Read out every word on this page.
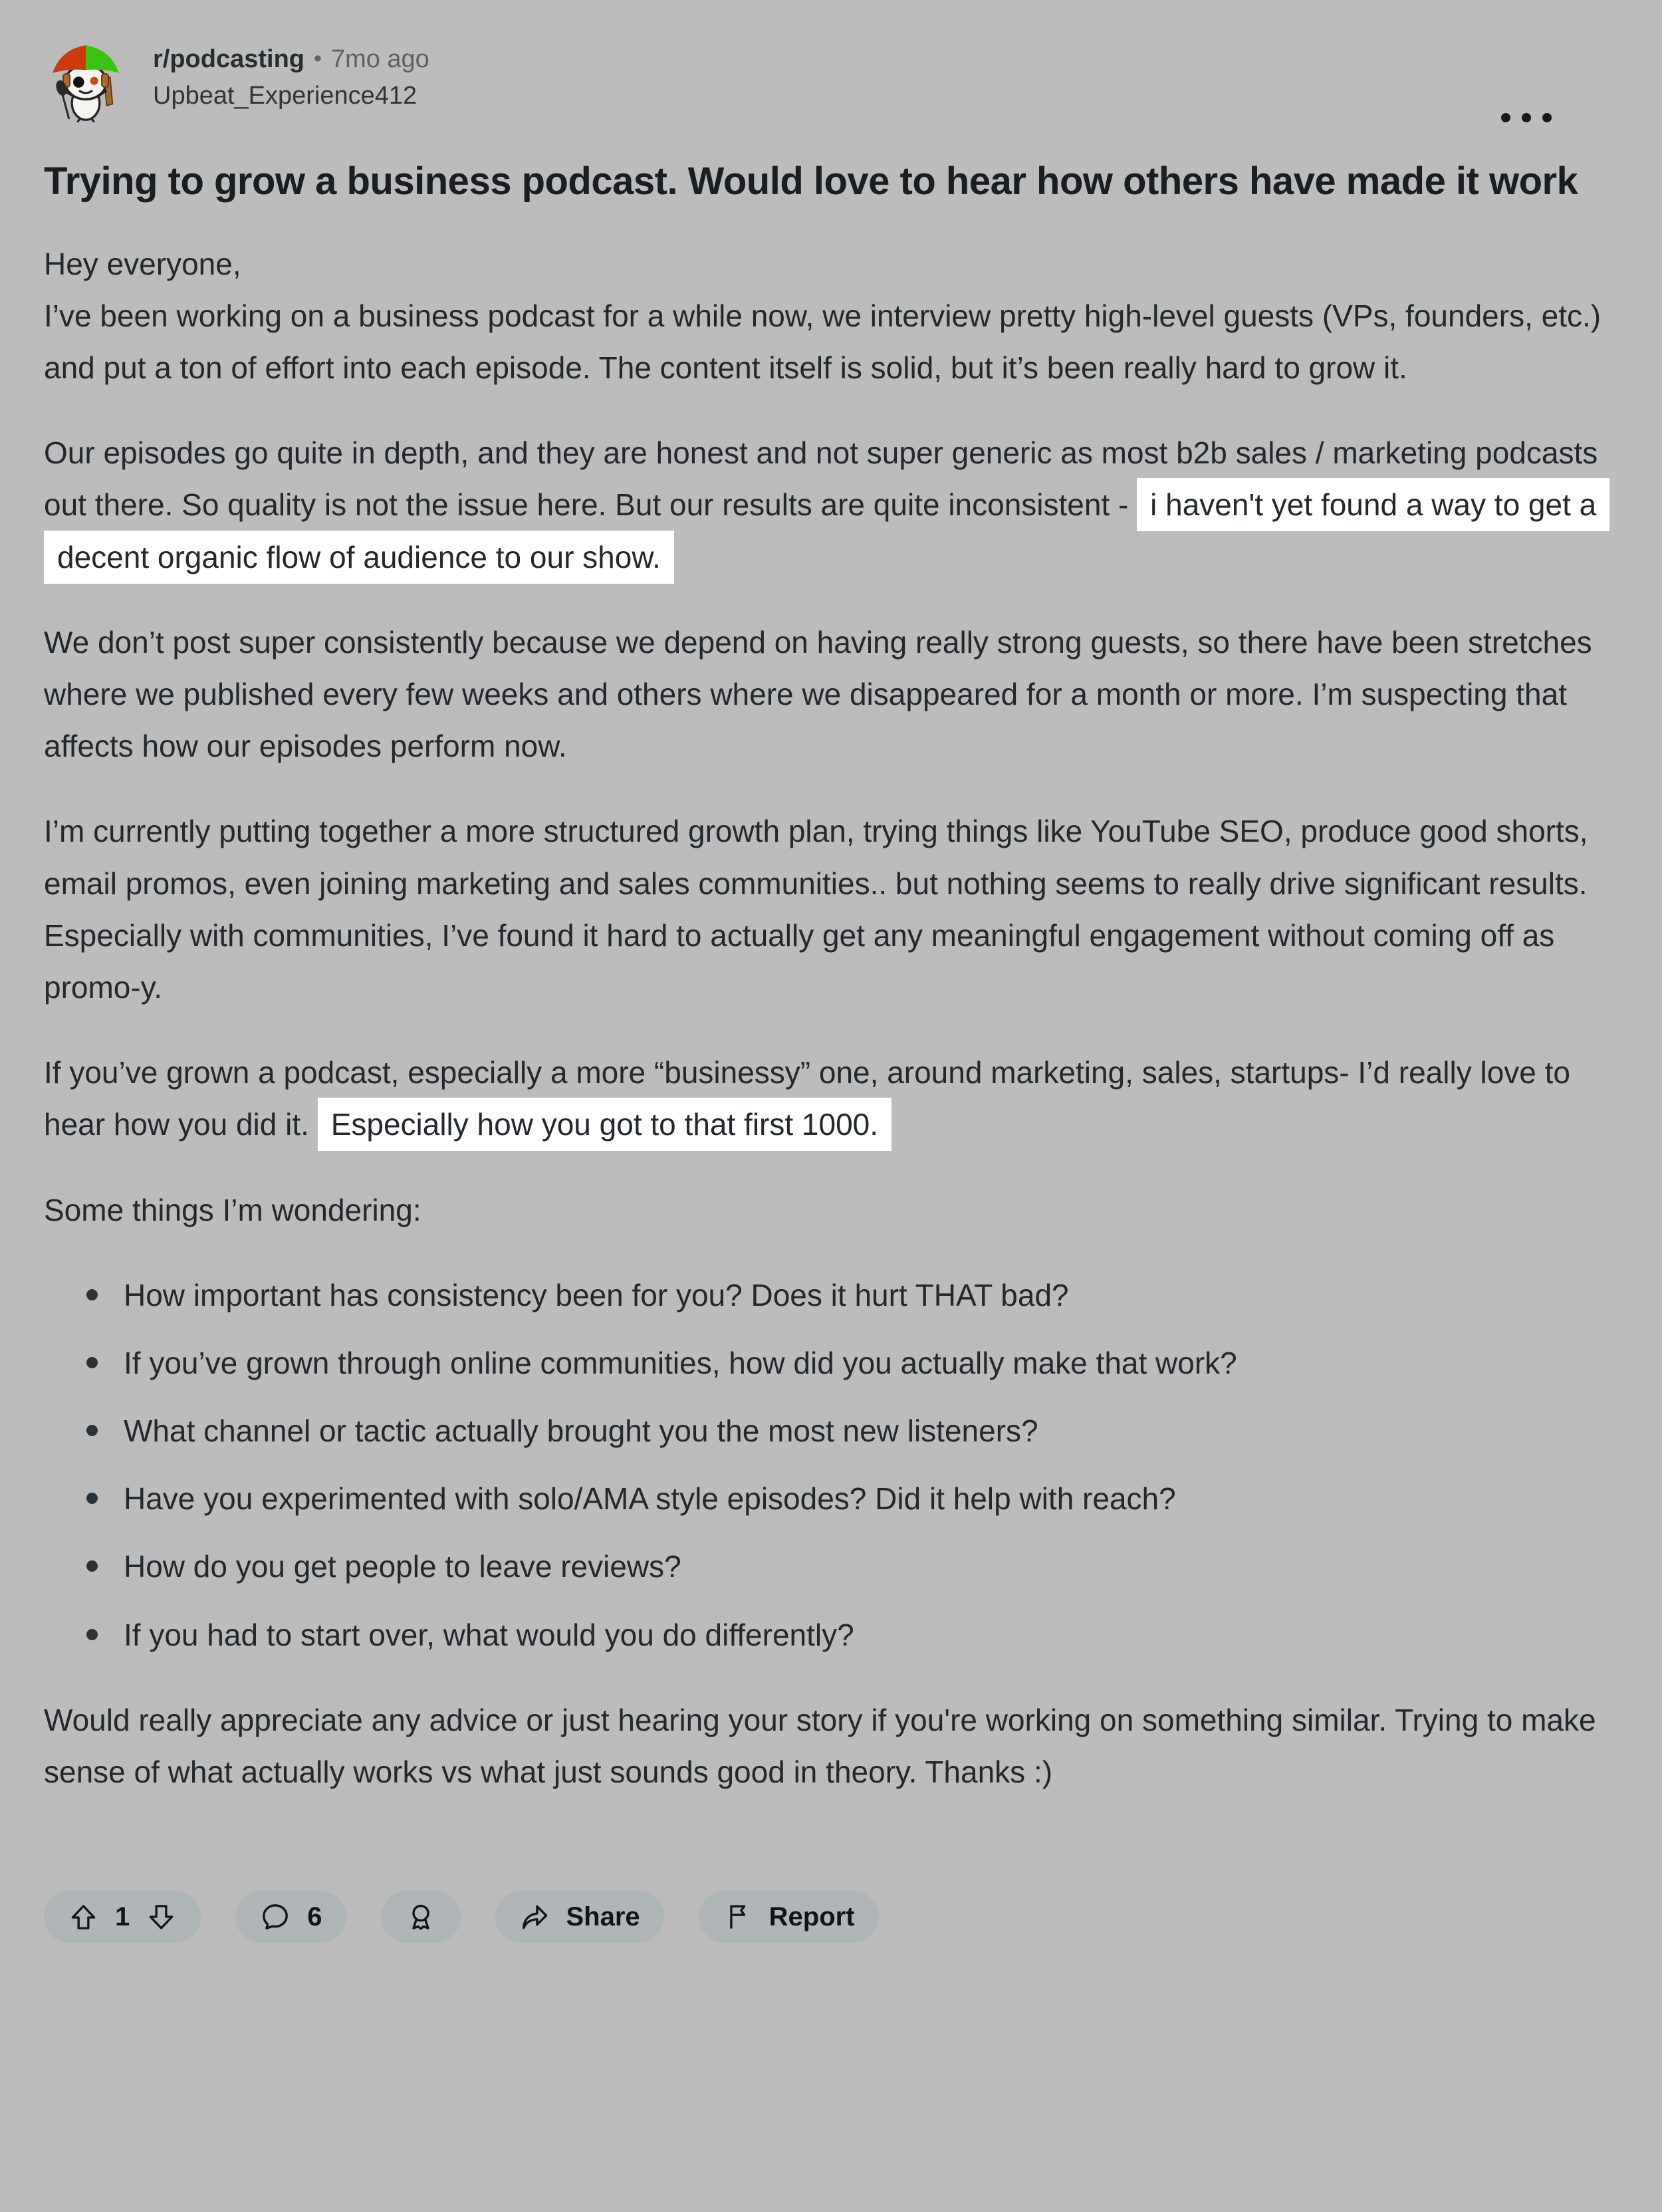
r/podcasting • 7mo ago
Upbeat_Experience412
Trying to grow a business podcast. Would love to hear how others have made it work

Hey everyone,
I’ve been working on a business podcast for a while now, we interview pretty high-level guests (VPs, founders, etc.) and put a ton of effort into each episode. The content itself is solid, but it’s been really hard to grow it.

Our episodes go quite in depth, and they are honest and not super generic as most b2b sales / marketing podcasts out there. So quality is not the issue here. But our results are quite inconsistent - i haven't yet found a way to get a decent organic flow of audience to our show.

We don’t post super consistently because we depend on having really strong guests, so there have been stretches where we published every few weeks and others where we disappeared for a month or more. I’m suspecting that affects how our episodes perform now.

I’m currently putting together a more structured growth plan, trying things like YouTube SEO, produce good shorts, email promos, even joining marketing and sales communities.. but nothing seems to really drive significant results. Especially with communities, I’ve found it hard to actually get any meaningful engagement without coming off as promo-y.

If you’ve grown a podcast, especially a more “businessy” one, around marketing, sales, startups- I’d really love to hear how you did it. Especially how you got to that first 1000.

Some things I’m wondering:

How important has consistency been for you? Does it hurt THAT bad?
If you’ve grown through online communities, how did you actually make that work?
What channel or tactic actually brought you the most new listeners?
Have you experimented with solo/AMA style episodes? Did it help with reach?
How do you get people to leave reviews?
If you had to start over, what would you do differently?

Would really appreciate any advice or just hearing your story if you're working on something similar. Trying to make sense of what actually works vs what just sounds good in theory. Thanks :)

1	6	Share	Report
